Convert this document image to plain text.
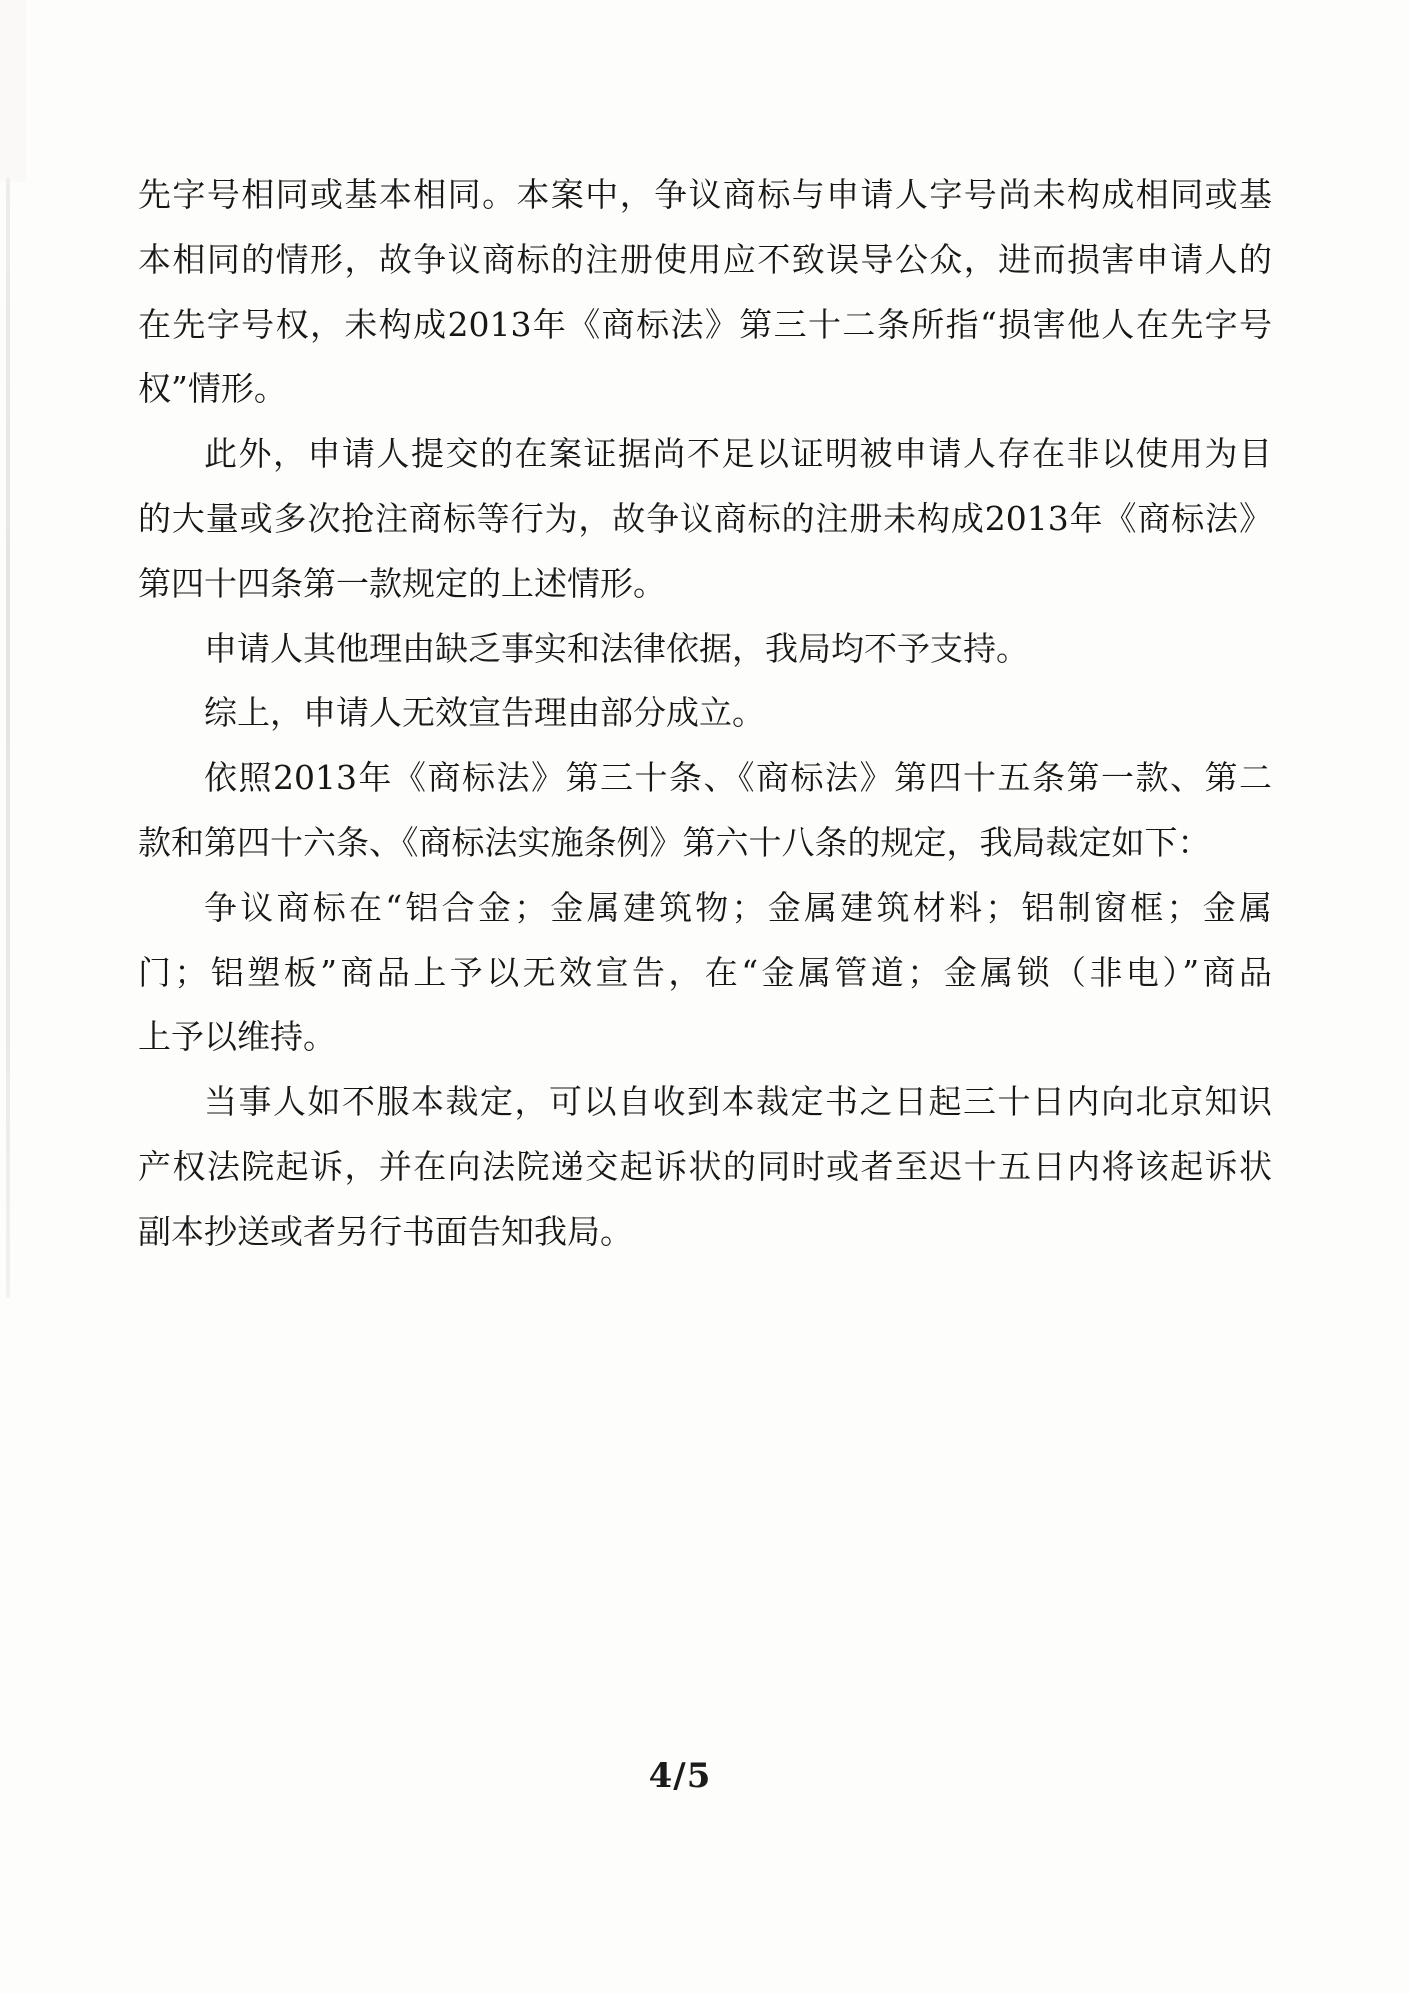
先字号相同或基本相同。本案中，争议商标与申请人字号尚未构成相同或基
本相同的情形，故争议商标的注册使用应不致误导公众，进而损害申请人的
在先字号权，未构成2013年《商标法》第三十二条所指“损害他人在先字号
权”情形。
此外，申请人提交的在案证据尚不足以证明被申请人存在非以使用为目
的大量或多次抢注商标等行为，故争议商标的注册未构成2013年《商标法》
第四十四条第一款规定的上述情形。
申请人其他理由缺乏事实和法律依据，我局均不予支持。
综上，申请人无效宣告理由部分成立。
依照2013年《商标法》第三十条、《商标法》第四十五条第一款、第二
款和第四十六条、《商标法实施条例》第六十八条的规定，我局裁定如下：
争议商标在“铝合金；金属建筑物；金属建筑材料；铝制窗框；金属
门；铝塑板”商品上予以无效宣告，在“金属管道；金属锁（非电）”商品
上予以维持。
当事人如不服本裁定，可以自收到本裁定书之日起三十日内向北京知识
产权法院起诉，并在向法院递交起诉状的同时或者至迟十五日内将该起诉状
副本抄送或者另行书面告知我局。
4/5
